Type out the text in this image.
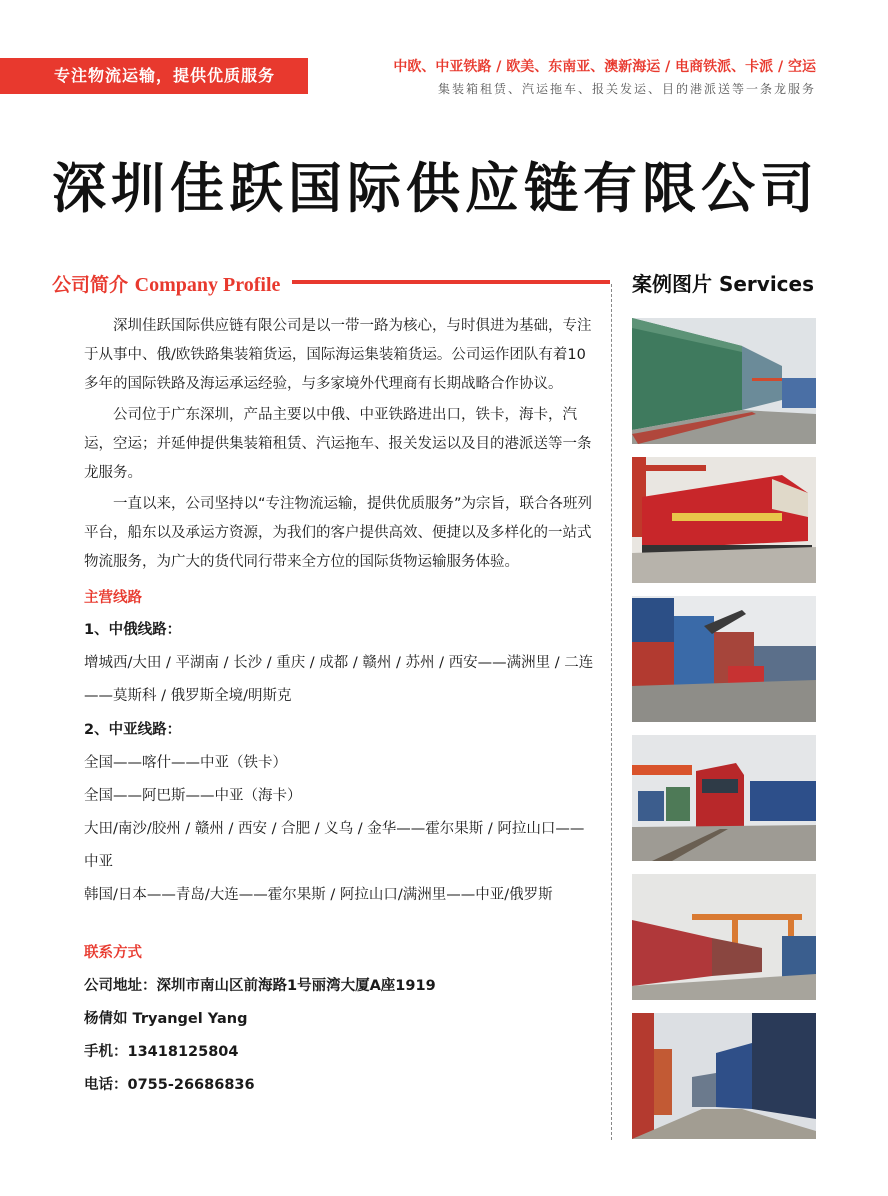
专注物流运输，提供优质服务	中欧、中亚铁路 / 欧美、东南亚、澳新海运 / 电商铁派、卡派 / 空运
集装箱租赁、汽运拖车、报关发运、目的港派送等一条龙服务
深圳佳跃国际供应链有限公司
公司简介 Company Profile	案例图片 Services

深圳佳跃国际供应链有限公司是以一带一路为核心，与时俱进为基础，专注于从事中、俄/欧铁路集装箱货运，国际海运集装箱货运。公司运作团队有着10多年的国际铁路及海运承运经验，与多家境外代理商有长期战略合作协议。

公司位于广东深圳，产品主要以中俄、中亚铁路进出口，铁卡，海卡，汽运，空运；并延伸提供集装箱租赁、汽运拖车、报关发运以及目的港派送等一条龙服务。

一直以来，公司坚持以“专注物流运输，提供优质服务”为宗旨，联合各班列平台，船东以及承运方资源，为我们的客户提供高效、便捷以及多样化的一站式物流服务，为广大的货代同行带来全方位的国际货物运输服务体验。

主营线路
1、中俄线路：
增城西/大田 / 平湖南 / 长沙 / 重庆 / 成都 / 赣州 / 苏州 / 西安——满洲里 / 二连——莫斯科 / 俄罗斯全境/明斯克
2、中亚线路：
全国——喀什——中亚（铁卡）
全国——阿巴斯——中亚（海卡）
大田/南沙/胶州 / 赣州 / 西安 / 合肥 / 义乌 / 金华——霍尔果斯 / 阿拉山口——中亚
韩国/日本——青岛/大连——霍尔果斯 / 阿拉山口/满洲里——中亚/俄罗斯
联系方式
公司地址：深圳市南山区前海路1号丽湾大厦A座1919
杨倩如 Tryangel Yang
手机：13418125804
电话：0755-26686836
